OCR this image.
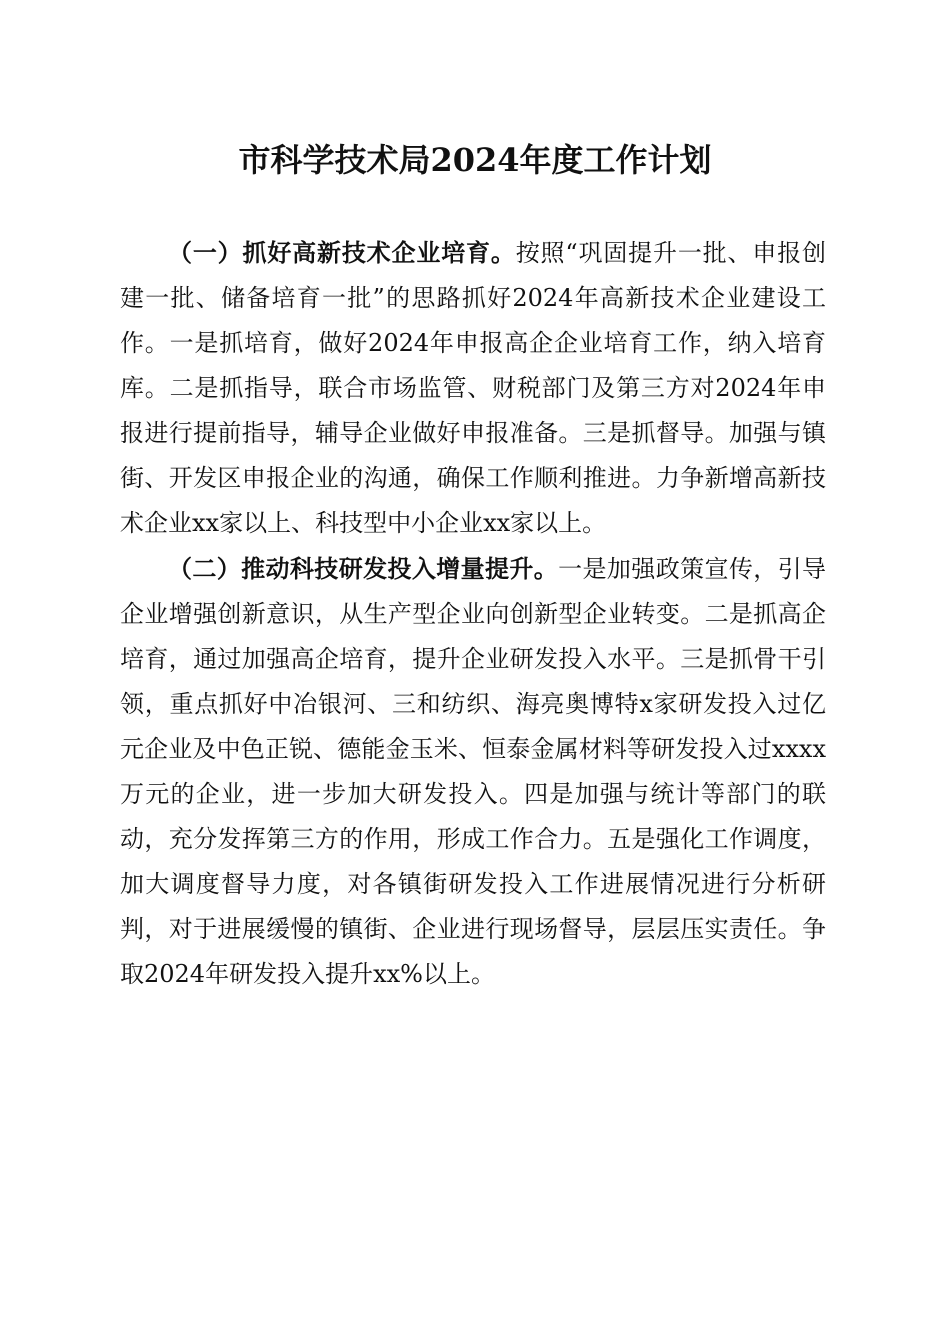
市科学技术局2024年度工作计划

（一）抓好高新技术企业培育。按照“巩固提升一批、申报创建一批、储备培育一批”的思路抓好2024年高新技术企业建设工作。一是抓培育，做好2024年申报高企企业培育工作，纳入培育库。二是抓指导，联合市场监管、财税部门及第三方对2024年申报进行提前指导，辅导企业做好申报准备。三是抓督导。加强与镇街、开发区申报企业的沟通，确保工作顺利推进。力争新增高新技术企业xx家以上、科技型中小企业xx家以上。

（二）推动科技研发投入增量提升。一是加强政策宣传，引导企业增强创新意识，从生产型企业向创新型企业转变。二是抓高企培育，通过加强高企培育，提升企业研发投入水平。三是抓骨干引领，重点抓好中冶银河、三和纺织、海亮奥博特x家研发投入过亿元企业及中色正锐、德能金玉米、恒泰金属材料等研发投入过xxxx万元的企业，进一步加大研发投入。四是加强与统计等部门的联动，充分发挥第三方的作用，形成工作合力。五是强化工作调度，加大调度督导力度，对各镇街研发投入工作进展情况进行分析研判，对于进展缓慢的镇街、企业进行现场督导，层层压实责任。争取2024年研发投入提升xx%以上。
